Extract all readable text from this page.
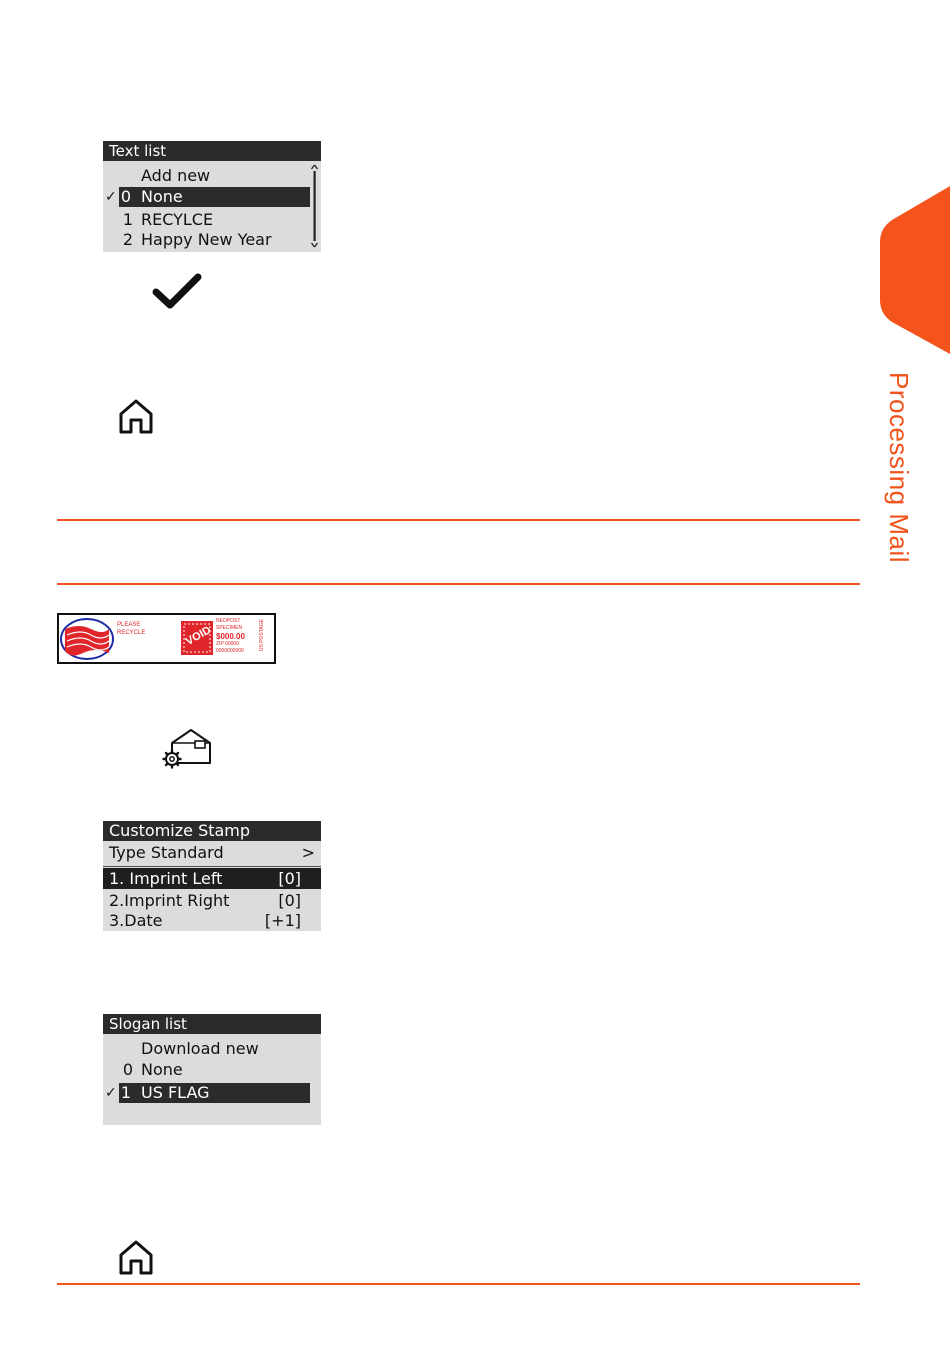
Processing Mail
Text list
Add new
✓ 0 None
1 RECYLCE
2 Happy New Year
PLEASE
RECYCLE	VOID
NEOPOST
SPECIMEN
$000.00
ZIP 00000
0000000000	US POSTAGE
Customize Stamp
Type Standard	>
1. Imprint Left	[0]
2.Imprint Right	[0]
3.Date	[+1]
Slogan list
Download new
0 None
✓ 1 US FLAG
